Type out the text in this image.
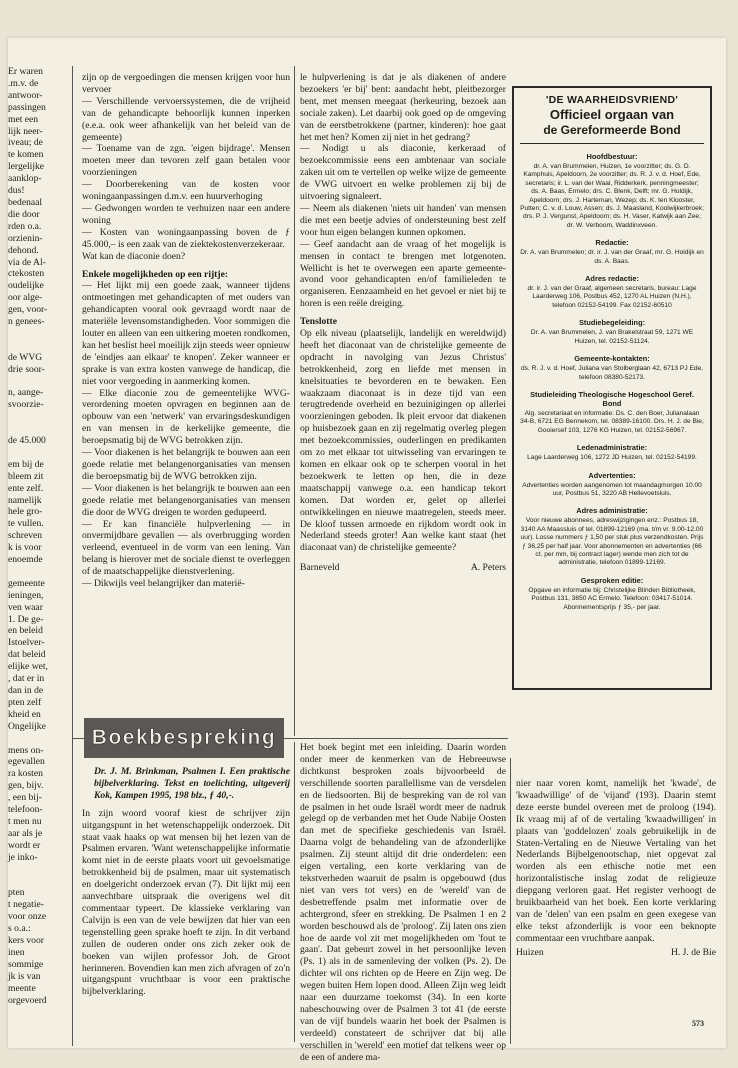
Er waren

.m.v. de

antwoor-

passingen

met een

lijk neer-

iveau; de

te komen

lergelijke

aanklop-

dus!

bedenaal

die door

rden o.a.

orzienin-

dehond.

via de Al-

ctekosten

oudelijke

oor alge-

gen, voor-

n genees-

de WVG

drie soor-

n, aange-

svoorzie-

de 45.000

em bij de

bleem zit

ente zelf.

namelijk

hele gro-

te vullen.

schreven

k is voor

enoemde

gemeente

ieningen,

ven waar

1. De ge-

en beleid

Istoelver-

dat beleid

elijke wet,

, dat er in

dan in de

pten zelf

kheid en

Ongelijke

mens on-

egevallen

ra kosten

gen, bijv.

, een bij-

telefoon-

t men nu

aar als je

wordt er

je inko-

pten

t negatie-

voor onze

s o.a.:

kers voor

inen

sommige

jk is van

meente

orgevoerd

zijn op de vergoedingen die mensen krijgen voor hun vervoer

— Verschillende vervoerssystemen, die de vrijheid van de gehandicapte behoorlijk kunnen inperken (e.e.a. ook weer afhankelijk van het beleid van de gemeente)

— Toename van de zgn. 'eigen bijdrage'. Mensen moeten meer dan tevoren zelf gaan betalen voor voorzieningen

— Doorberekening van de kosten voor woningaanpassingen d.m.v. een huurverhoging

— Gedwongen worden te verhuizen naar een andere woning

— Kosten van woningaanpassing boven de ƒ 45.000,– is een zaak van de ziektekostenverzekeraar.

Wat kan de diaconie doen?

Enkele mogelijkheden op een rijtje:

— Het lijkt mij een goede zaak, wanneer tijdens ontmoetingen met gehandicapten of met ouders van gehandicapten vooral ook gevraagd wordt naar de materiële levensomstandigheden. Voor sommigen die louter en alleen van een uitkering moeten rondkomen, kan het beslist heel moeilijk zijn steeds weer opnieuw de 'eindjes aan elkaar' te knopen'. Zeker wanneer er sprake is van extra kosten vanwege de handicap, die niet voor vergoeding in aanmerking komen.

— Elke diaconie zou de gemeentelijke WVG-verordening moeten opvragen en beginnen aan de opbouw van een 'netwerk' van ervaringsdeskundigen en van mensen in de kerkelijke gemeente, die beroepsmatig bij de WVG betrokken zijn.

— Voor diakenen is het belangrijk te bouwen aan een goede relatie met belangenorganisaties van mensen die beroepsmatig bij de WVG betrokken zijn.

— Voor diakenen is het belangrijk te bouwen aan een goede relatie met belangenorganisaties van mensen die door de WVG dreigen te worden gedupeerd.

— Er kan financiële hulpverlening — in onvermijdbare gevallen — als overbrugging worden verleend, eventueel in de vorm van een lening. Van belang is hierover met de sociale dienst te overleggen of de maatschappelijke dienstverlening.

— Dikwijls veel belangrijker dan materië-

le hulpverlening is dat je als diakenen of andere bezoekers 'er bij' bent: aandacht hebt, pleitbezorger bent, met mensen meegaat (herkeuring, bezoek aan sociale zaken). Let daarbij ook goed op de omgeving van de eerstbetrokkene (partner, kinderen): hoe gaat het met hen? Komen zij niet in het gedrang?

— Nodigt u als diaconie, kerkeraad of bezoekcommissie eens een ambtenaar van sociale zaken uit om te vertellen op welke wijze de gemeente de VWG uitvoert en welke problemen zij bij de uitvoering signaleert.

— Neem als diakenen 'niets uit handen' van mensen die met een beetje advies of ondersteuning best zelf voor hun eigen belangen kunnen opkomen.

— Geef aandacht aan de vraag of het mogelijk is mensen in contact te brengen met lotgenoten. Wellicht is het te overwegen een aparte gemeente-avond voor gehandicapten en/of familieleden te organiseren. Eenzaamheid en het gevoel er niet bij te horen is een reële dreiging.

Tenslotte

Op elk niveau (plaatselijk, landelijk en wereldwijd) heeft het diaconaat van de christelijke gemeente de opdracht in navolging van Jezus Christus' betrokkenheid, zorg en liefde met mensen in knelsituaties te bevorderen en te bewaken. Een waakzaam diaconaat is in deze tijd van een terugtredende overheid en bezuinigingen op allerlei voorzieningen geboden. Ik pleit ervoor dat diakenen op huisbezoek gaan en zij regelmatig overleg plegen met bezoekcommissies, ouderlingen en predikanten om zo met elkaar tot uitwisseling van ervaringen te komen en elkaar ook op te scherpen vooral in het bezoekwerk te letten op hen, die in deze maatschappij vanwege o.a. een handicap tekort komen. Dat worden er, gelet op allerlei ontwikkelingen en nieuwe maatregelen, steeds meer. De kloof tussen armoede en rijkdom wordt ook in Nederland steeds groter! Aan welke kant staat (het diaconaat van) de christelijke gemeente?

Barneveld	A. Peters

'DE WAARHEIDSVRIEND'

Officieel orgaan van

de Gereformeerde Bond

Hoofdbestuur:

dr. A. van Brummelen, Huizen, 1e voorzitter; ds. G. D. Kamphuis, Apeldoorn, 2e voorzitter; ds. R. J. v. d. Hoef, Ede, secretaris; ir. L. van der Waal, Ridderkerk, penningmeester; ds. A. Baas, Ermelo; drs. C. Blenk, Delft; mr. G. Holdijk, Apeldoorn; drs. J. Harteman, Wezep; ds. K. ten Klooster, Putten; C. v. d. Louw, Assen; ds. J. Maasland, Koolwijkerbroek; drs. P. J. Vergunst, Apeldoorn; ds. H. Vaser, Katwijk aan Zee; dr. W. Verboom, Waddinxveen.

Redactie:

Dr. A. van Brummelen; dr. ir. J. van der Graaf, mr. G. Holdijk en ds. A. Baas.

Adres redactie:

dr. ir. J. van der Graaf, algemeen secretaris, bureau: Lage Laarderweg 106, Postbus 452, 1270 AL Huizen (N.H.), telefoon 02152-54199. Fax 02152-60510

Studiebegeleiding:

Dr. A. van Brummelen, J. van Brakelstraat 59, 1271 WE Huizen, tel. 02152-51124.

Gemeente-kontakten:

ds. R. J. v. d. Hoef, Juliana van Stolberglaan 42, 6713 PJ Ede, telefoon 08380-52173.

Studieleiding Theologische Hogeschool Geref. Bond

Alg. secretariaat en informatie: Ds. C. den Boer, Julianalaan 34-B, 6721 EG Bennekom, tel. 08389-16100. Drs. H. J. de Bie, Gooiersef 103, 1276 KG Huizen, tel. 02152-56967.

Ledenadministratie:

Lage Laarderweg 106, 1272 JD Huizen, tel. 02152-54199.

Advertenties:

Advertenties worden aangenomen tot maandagmorgen 10.00 uur, Postbus 51, 3220 AB Hellevoetsluis.

Adres administratie:

Voor nieuwe abonnees, adreswijzigingen enz.: Postbus 18, 3140 AA Maassluis of tel. 01899-12169 (ma. t/m vr. 9.00-12.00 uur). Losse nummers ƒ 1,50 per stuk plus verzendkosten. Prijs ƒ 36,25 per half jaar. Voor abonnementen en advertenties (66 ct. per mm, bij contract lager) wende men zich tot de administratie, telefoon 01899-12169.

Gesproken editie:

Opgave en informatie bij: Christelijke Blinden Bibliotheek, Postbus 131, 3850 AC Ermelo. Telefoon: 03417-51014. Abonnementsprijs ƒ 35,- per jaar.

Boekbespreking

Dr. J. M. Brinkman, Psalmen I. Een praktische bijbelverklaring. Tekst en toelichting, uitgeverij Kok, Kampen 1995, 198 blz., ƒ 40,-.

In zijn woord vooraf kiest de schrijver zijn uitgangspunt in het wetenschappelijk onderzoek. Dit staat vaak haaks op wat mensen bij het lezen van de Psalmen ervaren. 'Want wetenschappelijke informatie komt niet in de eerste plaats voort uit gevoelsmatige betrokkenheid bij de psalmen, maar uit systematisch en doelgericht onderzoek ervan (7). Dit lijkt mij een aanvechtbare uitspraak die overigens wel dit commentaar typeert. De klassieke verklaring van Calvijn is een van de vele bewijzen dat hier van een tegenstelling geen sprake hoeft te zijn. In dit verband zullen de ouderen onder ons zich zeker ook de boeken van wijlen professor Joh. de Groot herinneren. Bovendien kan men zich afvragen of zo'n uitgangspunt vruchtbaar is voor een praktische bijbelverklaring.

Het boek begint met een inleiding. Daarin worden onder meer de kenmerken van de Hebreeuwse dichtkunst besproken zoals bijvoorbeeld de verschillende soorten parallellisme van de versdelen en de liedsoorten. Bij de bespreking van de rol van de psalmen in het oude Israël wordt meer de nadruk gelegd op de verbanden met het Oude Nabije Oosten dan met de specifieke geschiedenis van Israël. Daarna volgt de behandeling van de afzonderlijke psalmen. Zij steunt altijd dit drie onderdelen: een eigen vertaling, een korte verklaring van de tekstverheden waaruit de psalm is opgebouwd (dus niet van vers tot vers) en de 'wereld' van de desbetreffende psalm met informatie over de achtergrond, sfeer en strekking. De Psalmen 1 en 2 worden beschouwd als de 'proloog'. Zij laten ons zien hoe de aarde vol zit met mogelijkheden om 'fout te gaan'. Dat gebeurt zowel in het persoonlijke leven (Ps. 1) als in de samenleving der volken (Ps. 2). De dichter wil ons richten op de Heere en Zijn weg. De wegen buiten Hem lopen dood. Alleen Zijn weg leidt naar een duurzame toekomst (34). In een korte nabeschouwing over de Psalmen 3 tot 41 (de eerste van de vijf bundels waarin het boek der Psalmen is verdeeld) constateert de schrijver dat bij alle verschillen in 'wereld' een motief dat telkens weer op de een of andere ma-

nier naar voren komt, namelijk het 'kwade', de 'kwaadwillige' of de 'vijand' (193). Daarin stemt deze eerste bundel overeen met de proloog (194). Ik vraag mij af of de vertaling 'kwaadwilligen' in plaats van 'goddelozen' zoals gebruikelijk in de Staten-Vertaling en de Nieuwe Vertaling van het Nederlands Bijbelgenootschap, niet opgevat zal worden als een ethische notie met een horizontalistische inslag zodat de religieuze diepgang verloren gaat. Het register verhoogt de bruikbaarheid van het boek. Een korte verklaring van de 'delen' van een psalm en geen exegese van elke tekst afzonderlijk is voor een beknopte commentaar een vruchtbare aanpak.

Huizen	H. J. de Bie

573
